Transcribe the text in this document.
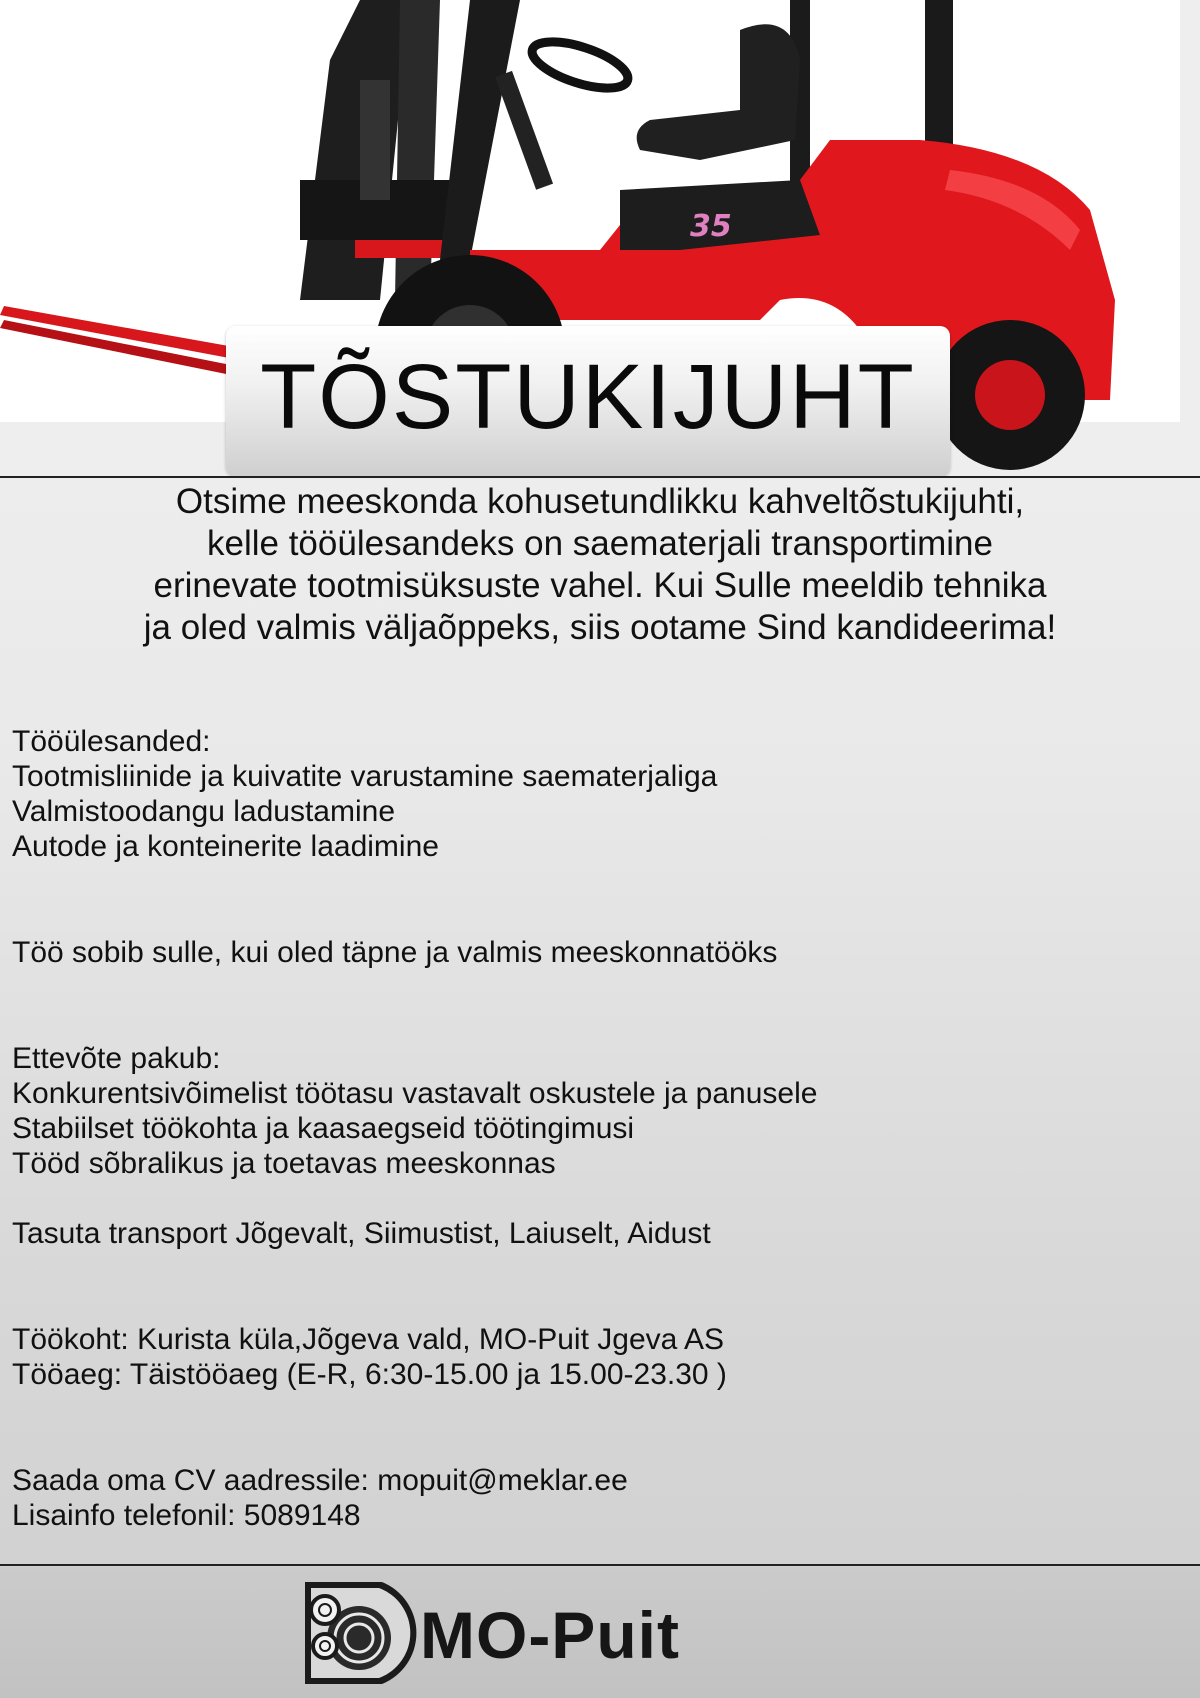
35
TÕSTUKIJUHT
Otsime meeskonda kohusetundlikku kahveltõstukijuhti,
kelle tööülesandeks on saematerjali transportimine
erinevate tootmisüksuste vahel. Kui Sulle meeldib tehnika
ja oled valmis väljaõppeks, siis ootame Sind kandideerima!
Tööülesanded:
Tootmisliinide ja kuivatite varustamine saematerjaliga
Valmistoodangu ladustamine
Autode ja konteinerite laadimine
Töö sobib sulle, kui oled täpne ja valmis meeskonnatööks
Ettevõte pakub:
Konkurentsivõimelist töötasu vastavalt oskustele ja panusele
Stabiilset töökohta ja kaasaegseid töötingimusi
Tööd sõbralikus ja toetavas meeskonnas
Tasuta transport Jõgevalt, Siimustist, Laiuselt, Aidust
Töökoht: Kurista küla,Jõgeva vald, MO-Puit Jgeva AS
Tööaeg: Täistööaeg (E-R, 6:30-15.00 ja 15.00-23.30 )
Saada oma CV aadressile: mopuit@meklar.ee
Lisainfo telefonil: 5089148
MO-Puit
